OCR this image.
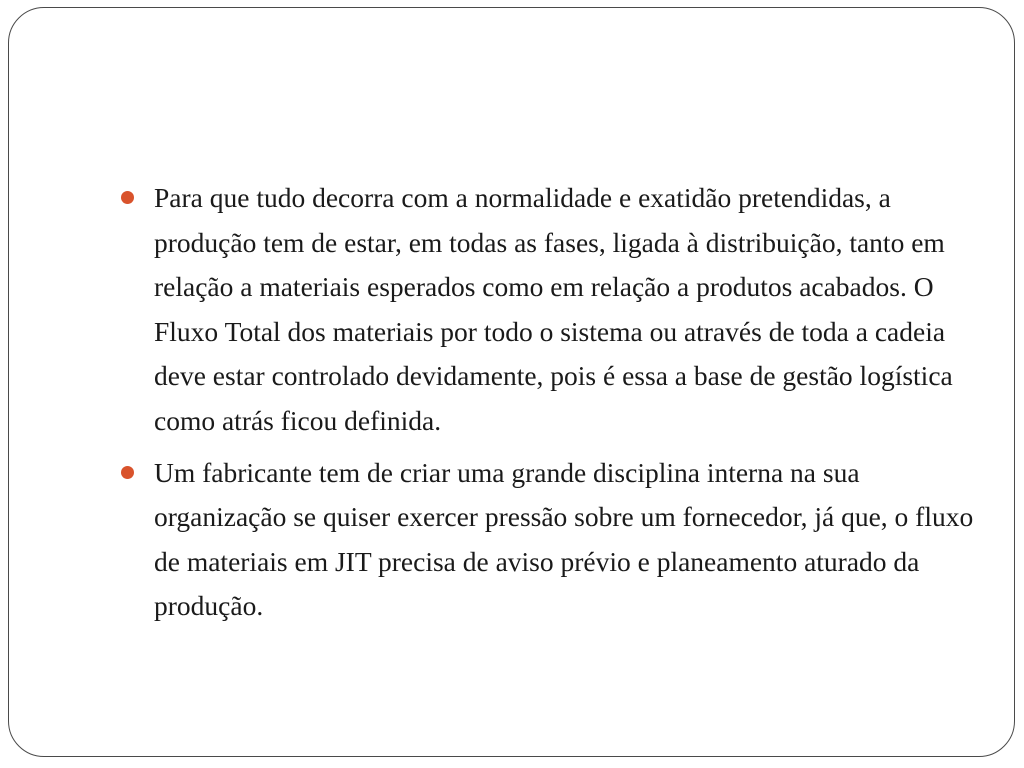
Para que tudo decorra com a normalidade e exatidão pretendidas, a produção tem de estar, em todas as fases, ligada à distribuição, tanto em relação a materiais esperados como em relação a produtos acabados. O Fluxo Total dos materiais por todo o sistema ou através de toda a cadeia deve estar controlado devidamente, pois é essa a base de gestão logística como atrás ficou definida.
Um fabricante tem de criar uma grande disciplina interna na sua organização se quiser exercer pressão sobre um fornecedor, já que, o fluxo de materiais em JIT precisa de aviso prévio e planeamento aturado da produção.
